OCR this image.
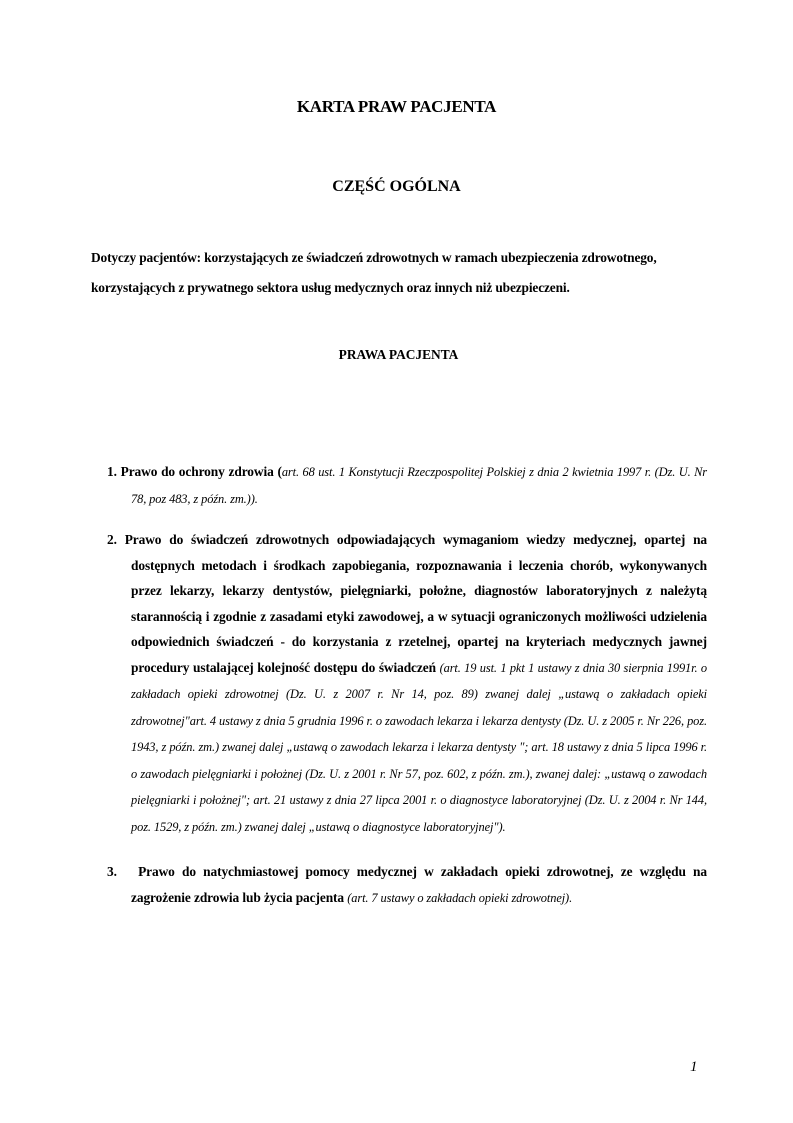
KARTA PRAW PACJENTA
CZĘŚĆ OGÓLNA

Dotyczy pacjentów: korzystających ze świadczeń zdrowotnych w ramach ubezpieczenia zdrowotnego, korzystających z prywatnego sektora usług medycznych oraz innych niż ubezpieczeni.

PRAWA PACJENTA
1. Prawo do ochrony zdrowia (art. 68 ust. 1 Konstytucji Rzeczpospolitej Polskiej z dnia 2 kwietnia 1997 r. (Dz. U. Nr 78, poz 483, z późn. zm.)).
2. Prawo do świadczeń zdrowotnych odpowiadających wymaganiom wiedzy medycznej, opartej na dostępnych metodach i środkach zapobiegania, rozpoznawania i leczenia chorób, wykonywanych przez lekarzy, lekarzy dentystów, pielęgniarki, położne, diagnostów laboratoryjnych z należytą starannością i zgodnie z zasadami etyki zawodowej, a w sytuacji ograniczonych możliwości udzielenia odpowiednich świadczeń - do korzystania z rzetelnej, opartej na kryteriach medycznych jawnej procedury ustalającej kolejność dostępu do świadczeń (art. 19 ust. 1 pkt 1 ustawy z dnia 30 sierpnia 1991r. o zakładach opieki zdrowotnej (Dz. U. z 2007 r. Nr 14, poz. 89) zwanej dalej „ustawą o zakładach opieki zdrowotnej"art. 4 ustawy z dnia 5 grudnia 1996 r. o zawodach lekarza i lekarza dentysty (Dz. U. z 2005 r. Nr 226, poz. 1943, z późn. zm.) zwanej dalej „ustawą o zawodach lekarza i lekarza dentysty "; art. 18 ustawy z dnia 5 lipca 1996 r. o zawodach pielęgniarki i położnej (Dz. U. z 2001 r. Nr 57, poz. 602, z późn. zm.), zwanej dalej: „ustawą o zawodach pielęgniarki i położnej"; art. 21 ustawy z dnia 27 lipca 2001 r. o diagnostyce laboratoryjnej (Dz. U. z 2004 r. Nr 144, poz. 1529, z późn. zm.) zwanej dalej „ustawą o diagnostyce laboratoryjnej").
3. Prawo do natychmiastowej pomocy medycznej w zakładach opieki zdrowotnej, ze względu na zagrożenie zdrowia lub życia pacjenta (art. 7 ustawy o zakładach opieki zdrowotnej).
1
